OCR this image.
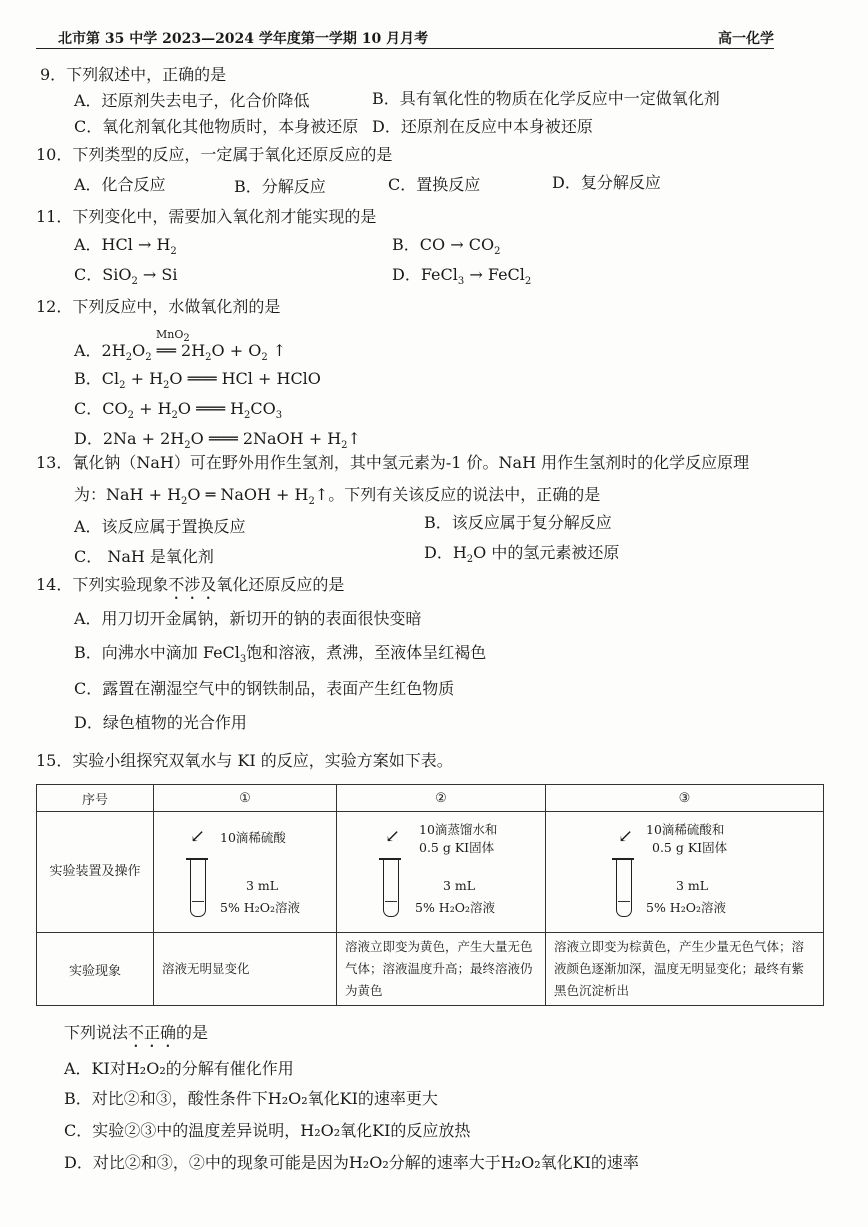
北市第 35 中学 2023—2024 学年度第一学期 10 月月考	高一化学
9．下列叙述中，正确的是
A．还原剂失去电子，化合价降低	B．具有氧化性的物质在化学反应中一定做氧化剂
C．氧化剂氧化其他物质时，本身被还原 D．还原剂在反应中本身被还原
10．下列类型的反应，一定属于氧化还原反应的是
A．化合反应	B．分解反应	C．置换反应	D．复分解反应
11．下列变化中，需要加入氧化剂才能实现的是
A．HCl → $H_2$	B．CO → $CO_2$
C．SiO$_2$ → Si	D．FeCl$_3$ → FeCl$_2$
12．下列反应中，水做氧化剂的是
MnO$_2$
A．$2H_2O_2$ ══ $2H_2O + O_2$ ↑
B．$Cl_2 + H_2O$ ═══ HCl + HClO
C．$CO_2 + H_2O$ ═══ $H_2CO_3$
D．$2Na + 2H_2O$ ═══ 2NaOH + $H_2↑$
13．氰化钠（NaH）可在野外用作生氢剂，其中氢元素为-1 价。NaH 用作生氢剂时的化学反应原理
为：NaH + $H_2O$ ═ NaOH + $H_2↑$。下列有关该反应的说法中，正确的是
A．该反应属于置换反应	B．该反应属于复分解反应
C． NaH 是氧化剂	D．$H_2O$ 中的氢元素被还原
14．下列实验现象不涉及氧化还原反应的是
A．用刀切开金属钠，新切开的钠的表面很快变暗
B．向沸水中滴加 FeCl$_3$饱和溶液，煮沸，至液体呈红褐色
C．露置在潮湿空气中的钢铁制品，表面产生红色物质
D．绿色植物的光合作用
15．实验小组探究双氧水与 KI 的反应，实验方案如下表。
序号	①	②	③
实验装置及操作	↙ 10滴稀硫酸
3 mL
5% H₂O₂溶液	↙ 10滴蒸馏水和
0.5 g KI固体
3 mL
5% H₂O₂溶液	↙ 10滴稀硫酸和
0.5 g KI固体
3 mL
5% H₂O₂溶液

实验现象	溶液无明显变化	溶液立即变为黄色，产生大量无色气体；溶液温度升高；最终溶液仍为黄色	溶液立即变为棕黄色，产生少量无色气体；溶液颜色逐渐加深，温度无明显变化；最终有紫黑色沉淀析出
下列说法不正确的是
A．KI对H₂O₂的分解有催化作用
B．对比②和③，酸性条件下H₂O₂氧化KI的速率更大
C．实验②③中的温度差异说明，H₂O₂氧化KI的反应放热
D．对比②和③，②中的现象可能是因为H₂O₂分解的速率大于H₂O₂氧化KI的速率
